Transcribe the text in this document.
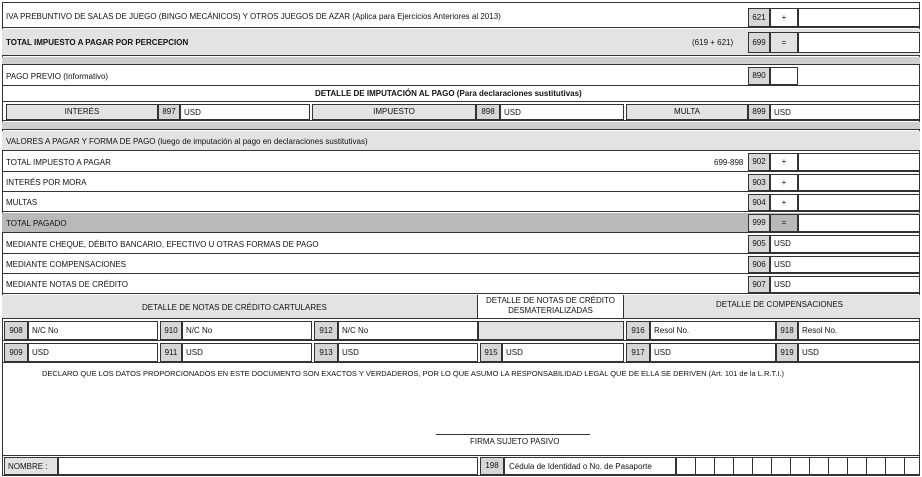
IVA PREBUNTIVO DE SALAS DE JUEGO (BINGO MECÁNICOS) Y OTROS JUEGOS DE AZAR (Aplica para Ejercicios Anteriores al 2013)	621	+
TOTAL IMPUESTO A PAGAR POR PERCEPCION	(619 + 621)	699	=
PAGO PREVIO (Informativo)	890
DETALLE DE IMPUTACIÓN AL PAGO (Para declaraciones sustitutivas)
INTERÉS	897	USD	IMPUESTO	898	USD	MULTA	899	USD
VALORES A PAGAR Y FORMA DE PAGO (luego de imputación al pago en declaraciones sustitutivas)
TOTAL IMPUESTO A PAGAR	699-898	902	+
INTERÉS POR MORA	903	+
MULTAS	904	+
TOTAL PAGADO	999	=
MEDIANTE CHEQUE, DÉBITO BANCARIO, EFECTIVO U OTRAS FORMAS DE PAGO	905	USD
MEDIANTE COMPENSACIONES	906	USD
MEDIANTE NOTAS DE CRÉDITO	907	USD
DETALLE DE NOTAS DE CRÉDITO CARTULARES
DETALLE DE NOTAS DE CRÉDITO
DESMATERIALIZADAS
DETALLE DE COMPENSACIONES
908	N/C No	910	N/C No	912	N/C No	916	Resol No.	918	Resol No.
909	USD	911	USD	913	USD	915	USD	917	USD	919	USD
DECLARO QUE LOS DATOS PROPORCIONADOS EN ESTE DOCUMENTO SON EXACTOS Y VERDADEROS, POR LO QUE ASUMO LA RESPONSABILIDAD LEGAL QUE DE ELLA SE DERIVEN (Art. 101 de la L.R.T.I.)
FIRMA SUJETO PASIVO
NOMBRE :	198	Cédula de Identidad o No. de Pasaporte
